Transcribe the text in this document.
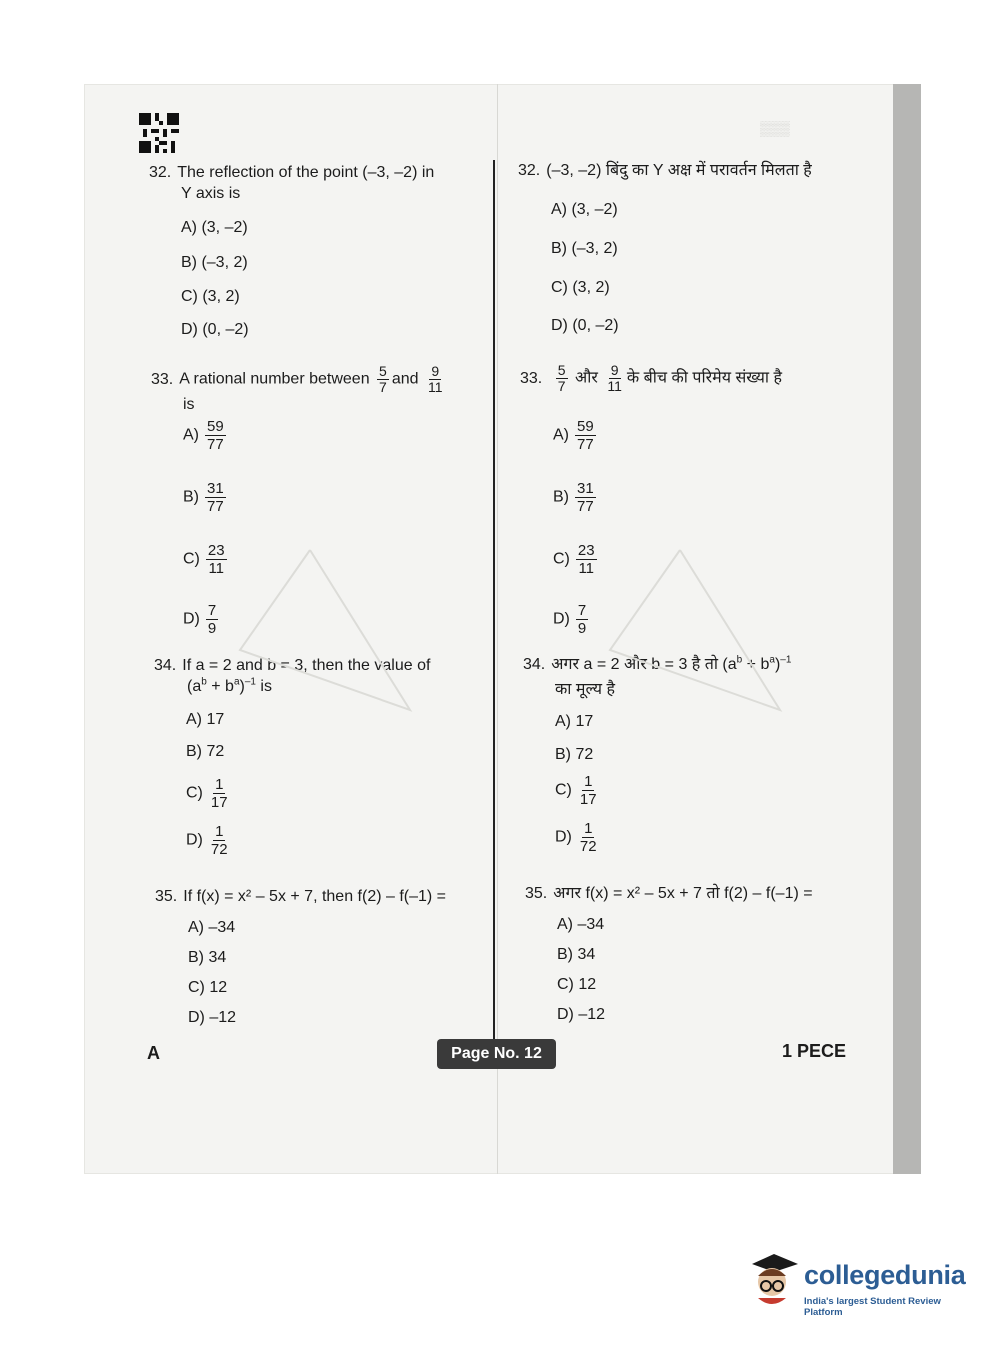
▒▒▒
32. The reflection of the point (–3, –2) in
Y axis is
A) (3, –2)
B) (–3, 2)
C) (3, 2)
D) (0, –2)
33. A rational number between $\frac{5}{7}$ and $\frac{9}{11}$
is
$A) \frac{59}{77}$
$B) \frac{31}{77}$
$C) \frac{23}{11}$
$D) \frac{7}{9}$
34. If a = 2 and b = 3, then the value of
$(a^b + b^a)^{-1}$ is
A) 17
B) 72
$C) \frac{1}{17}$
$D) \frac{1}{72}$
35. If f(x) = x² – 5x + 7, then f(2) – f(–1) =
A) –34
B) 34
C) 12
D) –12
32. (–3, –2) बिंदु का Y अक्ष में परावर्तन मिलता है
A) (3, –2)
B) (–3, 2)
C) (3, 2)
D) (0, –2)
33. $\frac{5}{7}$ और $\frac{9}{11}$ के बीच की परिमेय संख्या है
$A) \frac{59}{77}$
$B) \frac{31}{77}$
$C) \frac{23}{11}$
$D) \frac{7}{9}$
34. अगर a = 2 और b = 3 है तो $(a^b + b^a)^{-1}$
का मूल्य है
A) 17
B) 72
$C) \frac{1}{17}$
$D) \frac{1}{72}$
35. अगर f(x) = x² – 5x + 7 तो f(2) – f(–1) =
A) –34
B) 34
C) 12
D) –12
A	Page No. 12	1 PECE
collegedunia
India's largest Student Review Platform
